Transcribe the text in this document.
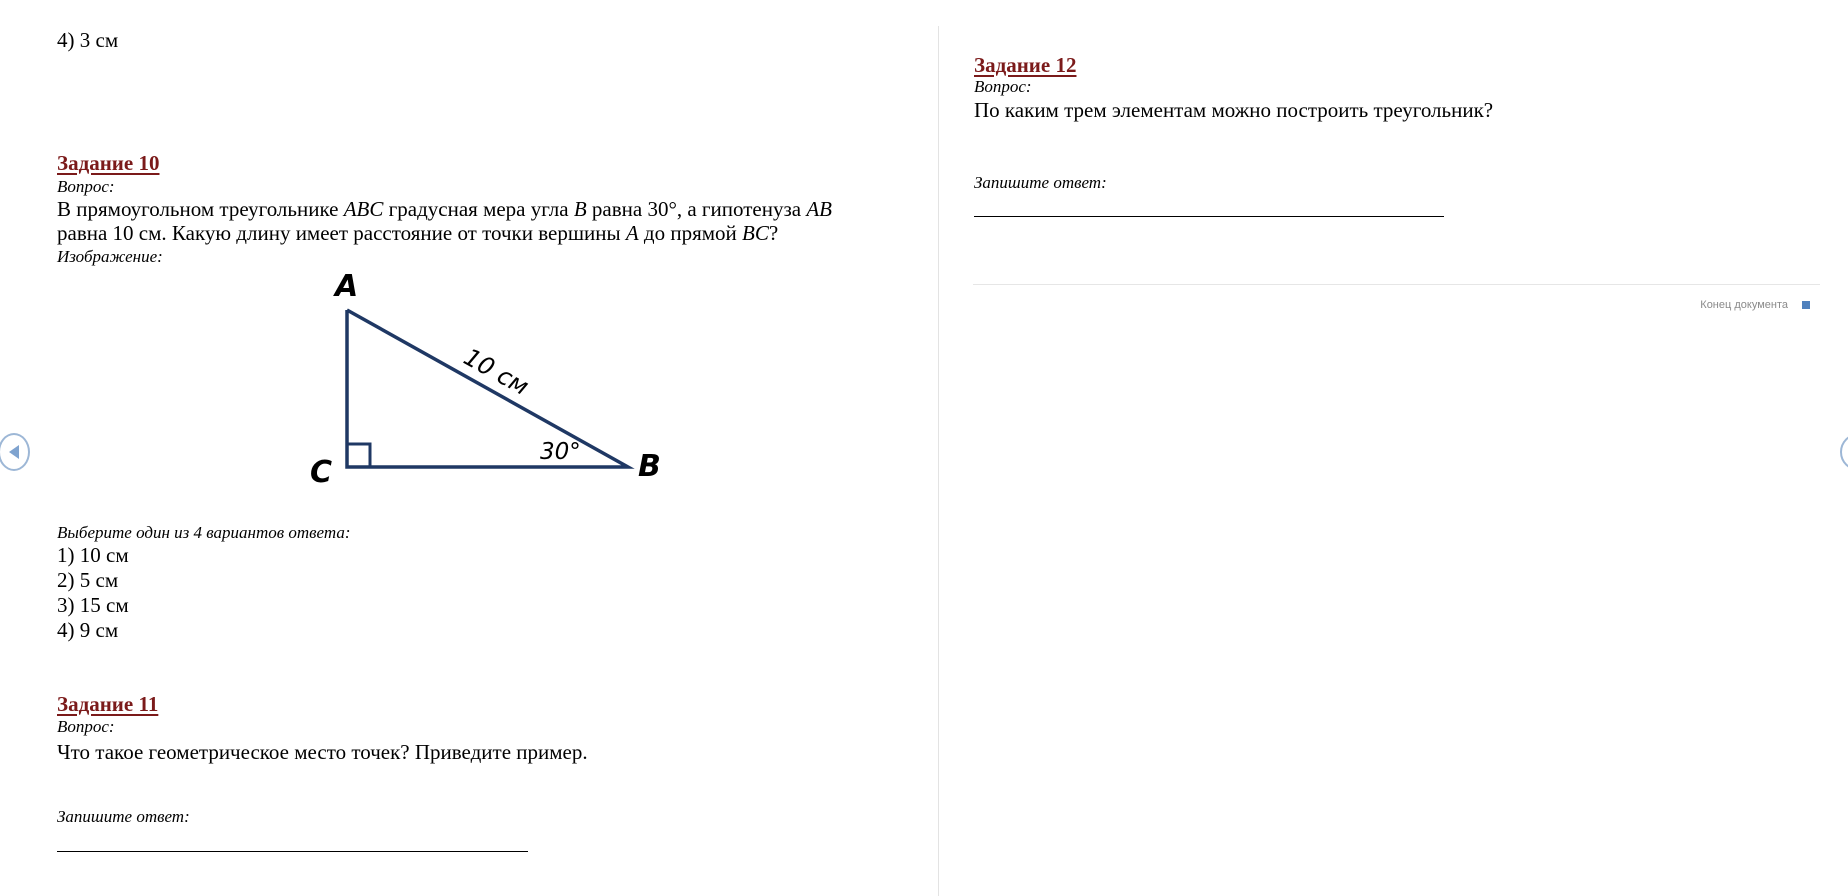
4) 3 см
Задание 10
Вопрос:
В прямоугольном треугольнике ABC градусная мера угла B равна 30°, а гипотенуза AB
равна 10 см. Какую длину имеет расстояние от точки вершины A до прямой BC?
Изображение:
A
B
C
10 см
30°
Выберите один из 4 вариантов ответа:
1) 10 см
2) 5 см
3) 15 см
4) 9 см
Задание 11
Вопрос:
Что такое геометрическое место точек? Приведите пример.
Запишите ответ:
Задание 12
Вопрос:
По каким трем элементам можно построить треугольник?
Запишите ответ:
Конец документа
